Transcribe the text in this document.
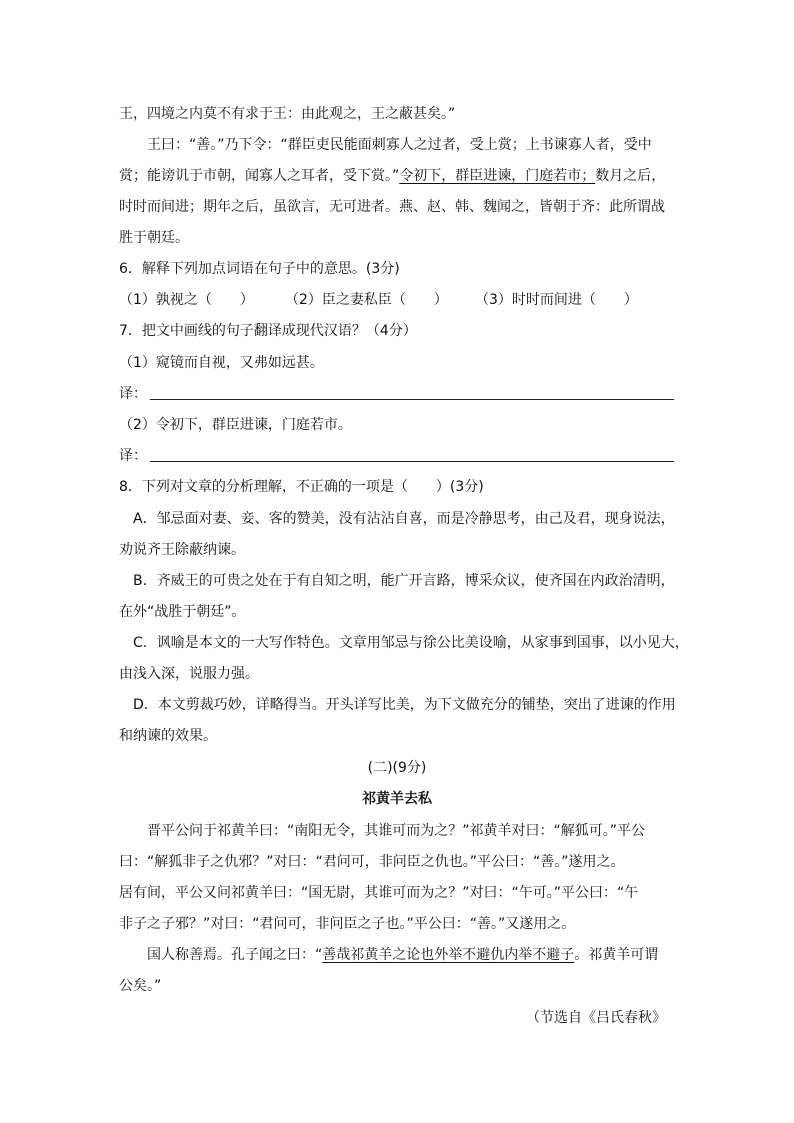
王，四境之内莫不有求于王：由此观之，王之蔽甚矣。”
王曰：“善。”乃下令：“群臣吏民能面刺寡人之过者，受上赏；上书谏寡人者，受中
赏；能谤讥于市朝，闻寡人之耳者，受下赏。”令初下，群臣进谏，门庭若市；数月之后，
时时而间进；期年之后，虽欲言，无可进者。燕、赵、韩、魏闻之，皆朝于齐：此所谓战
胜于朝廷。
6．解释下列加点词语在句子中的意思。(3分)
（1）孰视之（　　） （2）臣之妻私臣（　　） （3）时时而间进（　　）
7．把文中画线的句子翻译成现代汉语？（4分）
（1）窥镜而自视，又弗如远甚。
译：
（2）令初下，群臣进谏，门庭若市。
译：
8．下列对文章的分析理解，不正确的一项是（　　）(3分)
A．邹忌面对妻、妾、客的赞美，没有沾沾自喜，而是冷静思考，由己及君，现身说法，
劝说齐王除蔽纳谏。
B．齐威王的可贵之处在于有自知之明，能广开言路，博采众议，使齐国在内政治清明，
在外“战胜于朝廷”。
C．讽喻是本文的一大写作特色。文章用邹忌与徐公比美设喻，从家事到国事，以小见大，
由浅入深，说服力强。
D．本文剪裁巧妙，详略得当。开头详写比美，为下文做充分的铺垫，突出了进谏的作用
和纳谏的效果。
(二)(9分)
祁黄羊去私
晋平公问于祁黄羊曰：“南阳无令，其谁可而为之？”祁黄羊对曰：“解狐可。”平公
曰：“解狐非子之仇邪？”对曰：“君问可，非问臣之仇也。”平公曰：“善。”遂用之。
居有间，平公又问祁黄羊曰：“国无尉，其谁可而为之？”对曰：“午可。”平公曰：“午
非子之子邪？”对曰：“君问可，非问臣之子也。”平公曰：“善。”又遂用之。
国人称善焉。孔子闻之曰：“善哉祁黄羊之论也外举不避仇内举不避子。祁黄羊可谓
公矣。”
（节选自《吕氏春秋》
